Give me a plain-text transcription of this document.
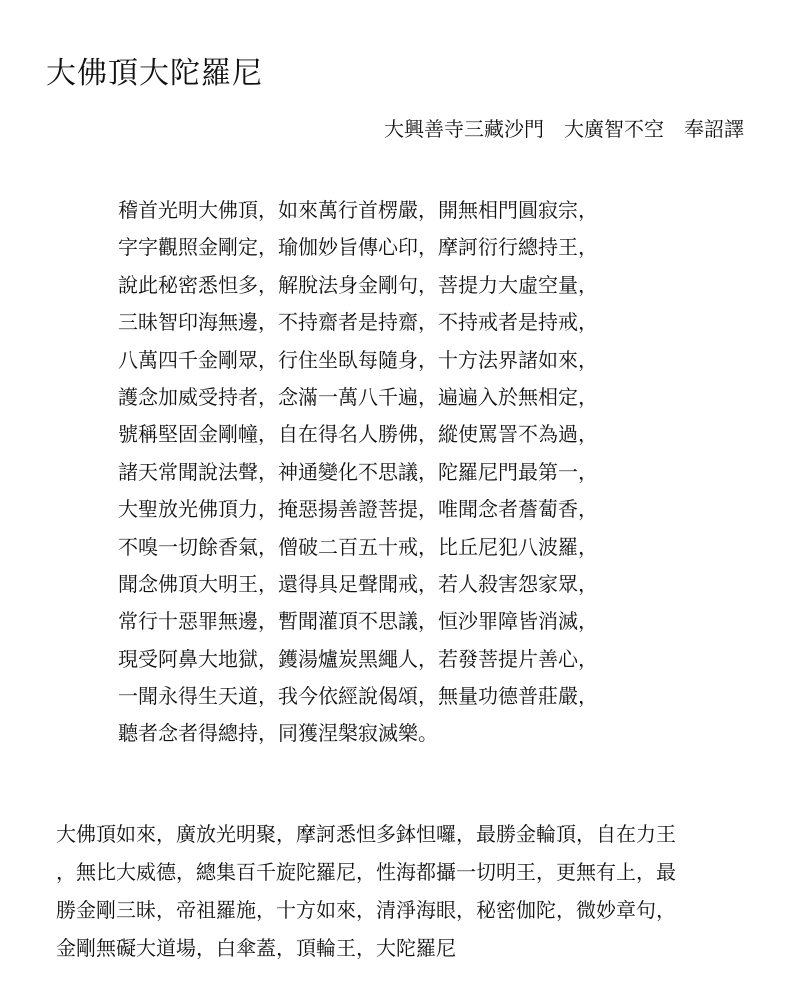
大佛頂大陀羅尼
大興善寺三藏沙門　大廣智不空　奉詔譯
稽首光明大佛頂，如來萬行首楞嚴，開無相門圓寂宗，
字字觀照金剛定，瑜伽妙旨傳心印，摩訶衍行總持王，
說此秘密悉怛多，解脫法身金剛句，菩提力大虛空量，
三昧智印海無邊，不持齋者是持齋，不持戒者是持戒，
八萬四千金剛眾，行住坐臥每隨身，十方法界諸如來，
護念加威受持者，念滿一萬八千遍，遍遍入於無相定，
號稱堅固金剛幢，自在得名人勝佛，縱使罵詈不為過，
諸天常聞說法聲，神通變化不思議，陀羅尼門最第一，
大聖放光佛頂力，掩惡揚善證菩提，唯聞念者薝蔔香，
不嗅一切餘香氣，僧破二百五十戒，比丘尼犯八波羅，
聞念佛頂大明王，還得具足聲聞戒，若人殺害怨家眾，
常行十惡罪無邊，暫聞灌頂不思議，恒沙罪障皆消滅，
現受阿鼻大地獄，鑊湯爐炭黑繩人，若發菩提片善心，
一聞永得生天道，我今依經說偈頌，無量功德普莊嚴，
聽者念者得總持，同獲涅槃寂滅樂。
大佛頂如來，廣放光明聚，摩訶悉怛多鉢怛囉，最勝金輪頂，自在力王
，無比大威德，總集百千旋陀羅尼，性海都攝一切明王，更無有上，最
勝金剛三昧，帝祖羅施，十方如來，清淨海眼，秘密伽陀，微妙章句，
金剛無礙大道場，白傘蓋，頂輪王，大陀羅尼
